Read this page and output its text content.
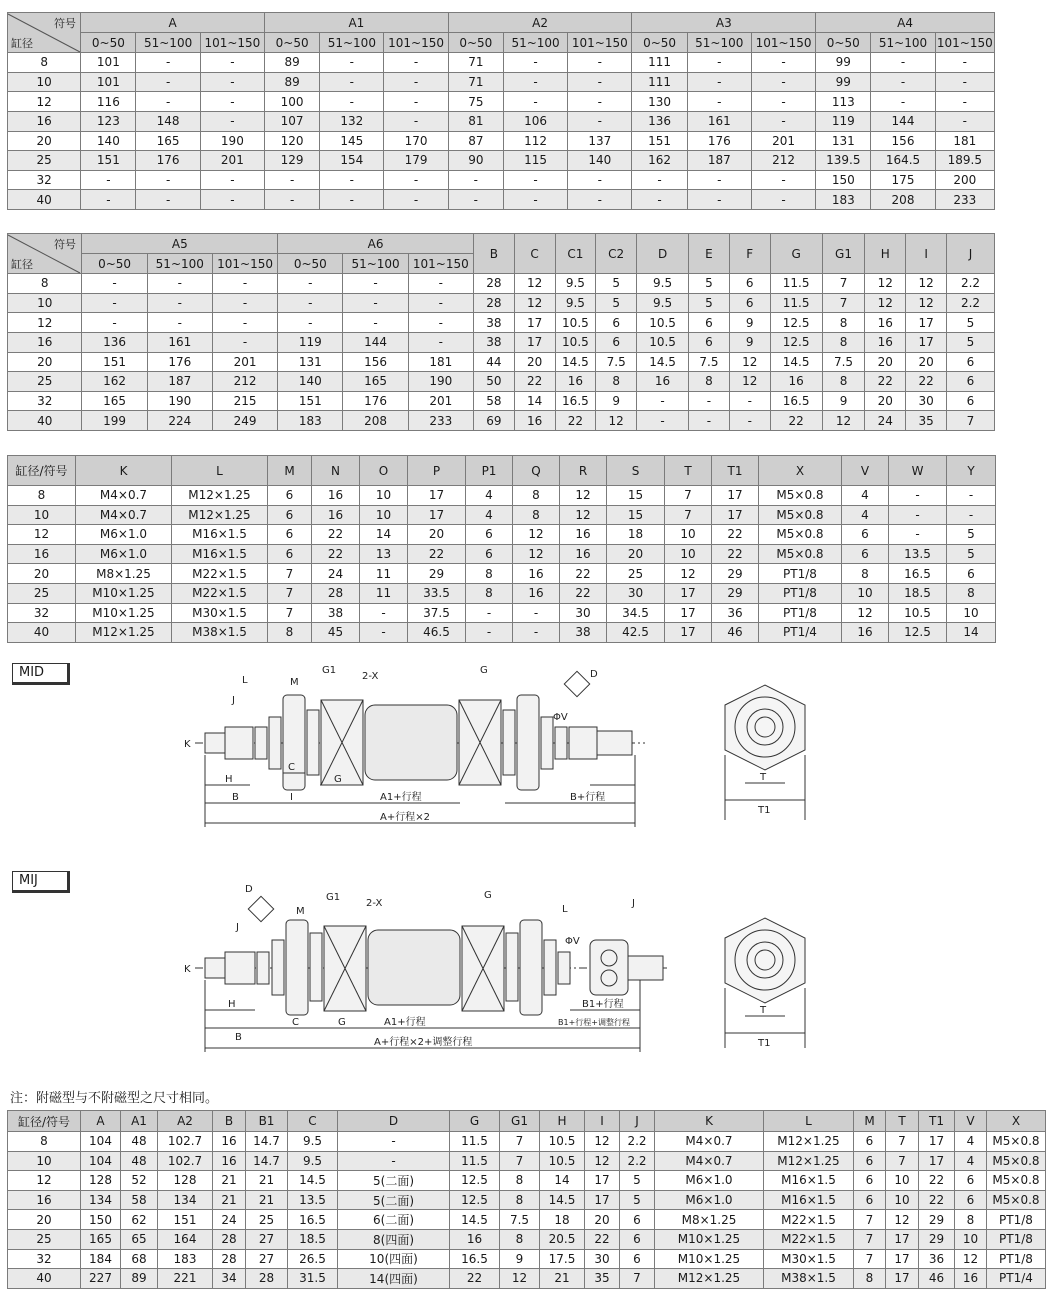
符号
缸径	A			A1			A2			A3			A4		
	0~50	51~100	101~150	0~50	51~100	101~150	0~50	51~100	101~150	0~50	51~100	101~150	0~50	51~100	101~150
8	101	-	-	89	-	-	71	-	-	111	-	-	99	-	-
10	101	-	-	89	-	-	71	-	-	111	-	-	99	-	-
12	116	-	-	100	-	-	75	-	-	130	-	-	113	-	-
16	123	148	-	107	132	-	81	106	-	136	161	-	119	144	-
20	140	165	190	120	145	170	87	112	137	151	176	201	131	156	181
25	151	176	201	129	154	179	90	115	140	162	187	212	139.5	164.5	189.5
32	-	-	-	-	-	-	-	-	-	-	-	-	150	175	200
40	-	-	-	-	-	-	-	-	-	-	-	-	183	208	233
符号
缸径	A5			A6			B	C	C1	C2	D	E	F	G	G1	H	I	J
	0~50	51~100	101~150	0~50	51~100	101~150												
8	-	-	-	-	-	-	28	12	9.5	5	9.5	5	6	11.5	7	12	12	2.2
10	-	-	-	-	-	-	28	12	9.5	5	9.5	5	6	11.5	7	12	12	2.2
12	-	-	-	-	-	-	38	17	10.5	6	10.5	6	9	12.5	8	16	17	5
16	136	161	-	119	144	-	38	17	10.5	6	10.5	6	9	12.5	8	16	17	5
20	151	176	201	131	156	181	44	20	14.5	7.5	14.5	7.5	12	14.5	7.5	20	20	6
25	162	187	212	140	165	190	50	22	16	8	16	8	12	16	8	22	22	6
32	165	190	215	151	176	201	58	14	16.5	9	-	-	-	16.5	9	20	30	6
40	199	224	249	183	208	233	69	16	22	12	-	-	-	22	12	24	35	7
缸径/符号	K	L	M	N	O	P	P1	Q	R	S	T	T1	X	V	W	Y
8	M4×0.7	M12×1.25	6	16	10	17	4	8	12	15	7	17	M5×0.8	4	-	-
10	M4×0.7	M12×1.25	6	16	10	17	4	8	12	15	7	17	M5×0.8	4	-	-
12	M6×1.0	M16×1.5	6	22	14	20	6	12	16	18	10	22	M5×0.8	6	-	5
16	M6×1.0	M16×1.5	6	22	13	22	6	12	16	20	10	22	M5×0.8	6	13.5	5
20	M8×1.25	M22×1.5	7	24	11	29	8	16	22	25	12	29	PT1/8	8	16.5	6
25	M10×1.25	M22×1.5	7	28	11	33.5	8	16	22	30	17	29	PT1/8	10	18.5	8
32	M10×1.25	M30×1.5	7	38	-	37.5	-	-	30	34.5	17	36	PT1/8	12	10.5	10
40	M12×1.25	M38×1.5	8	45	-	46.5	-	-	38	42.5	17	46	PT1/4	16	12.5	14
MID
L	M
G1
2-X
G	D
J
K
ΦV
H
C
I
G
B	A1+行程	B+行程
A+行程×2
T
T1
MIJ
D
M
G1
2-X
G
L
J
J
K
ΦV
H
C	G
B
A1+行程
B1+行程
B1+行程+调整行程
A+行程×2+调整行程
T
T1
注：附磁型与不附磁型之尺寸相同。
缸径/符号	A	A1	A2	B	B1	C	D	G	G1	H	I	J	K	L	M	T	T1	V	X
8	104	48	102.7	16	14.7	9.5	-	11.5	7	10.5	12	2.2	M4×0.7	M12×1.25	6	7	17	4	M5×0.8
10	104	48	102.7	16	14.7	9.5	-	11.5	7	10.5	12	2.2	M4×0.7	M12×1.25	6	7	17	4	M5×0.8
12	128	52	128	21	21	14.5	5(二面)	12.5	8	14	17	5	M6×1.0	M16×1.5	6	10	22	6	M5×0.8
16	134	58	134	21	21	13.5	5(二面)	12.5	8	14.5	17	5	M6×1.0	M16×1.5	6	10	22	6	M5×0.8
20	150	62	151	24	25	16.5	6(二面)	14.5	7.5	18	20	6	M8×1.25	M22×1.5	7	12	29	8	PT1/8
25	165	65	164	28	27	18.5	8(四面)	16	8	20.5	22	6	M10×1.25	M22×1.5	7	17	29	10	PT1/8
32	184	68	183	28	27	26.5	10(四面)	16.5	9	17.5	30	6	M10×1.25	M30×1.5	7	17	36	12	PT1/8
40	227	89	221	34	28	31.5	14(四面)	22	12	21	35	7	M12×1.25	M38×1.5	8	17	46	16	PT1/4
